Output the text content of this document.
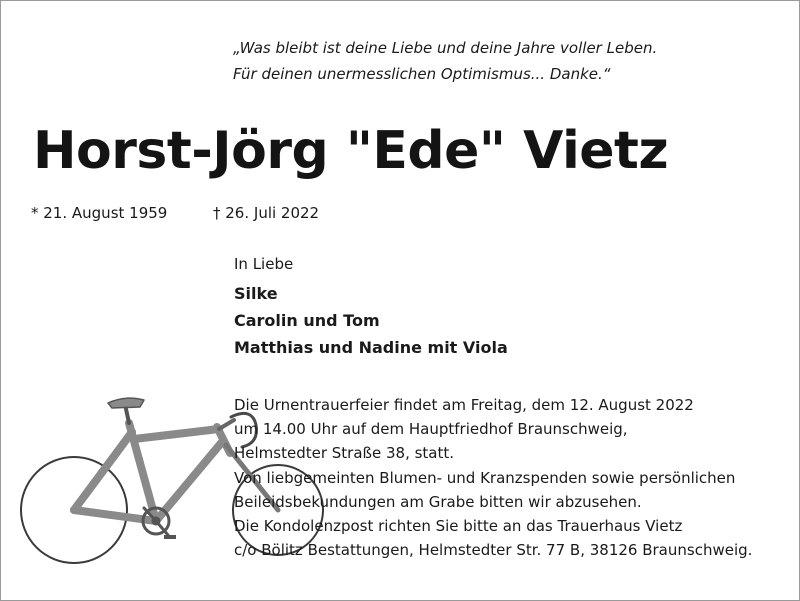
„Was bleibt ist deine Liebe und deine Jahre voller Leben.
Für deinen unermesslichen Optimismus... Danke.“
Horst-Jörg "Ede" Vietz
* 21. August 1959	† 26. Juli 2022
In Liebe
Silke
Carolin und Tom
Matthias und Nadine mit Viola
Die Urnentrauerfeier findet am Freitag, dem 12. August 2022
um 14.00 Uhr auf dem Hauptfriedhof Braunschweig,
Helmstedter Straße 38, statt.
Von liebgemeinten Blumen- und Kranzspenden sowie persönlichen
Beileidsbekundungen am Grabe bitten wir abzusehen.
Die Kondolenzpost richten Sie bitte an das Trauerhaus Vietz
c/o Bölitz Bestattungen, Helmstedter Str. 77 B, 38126 Braunschweig.
